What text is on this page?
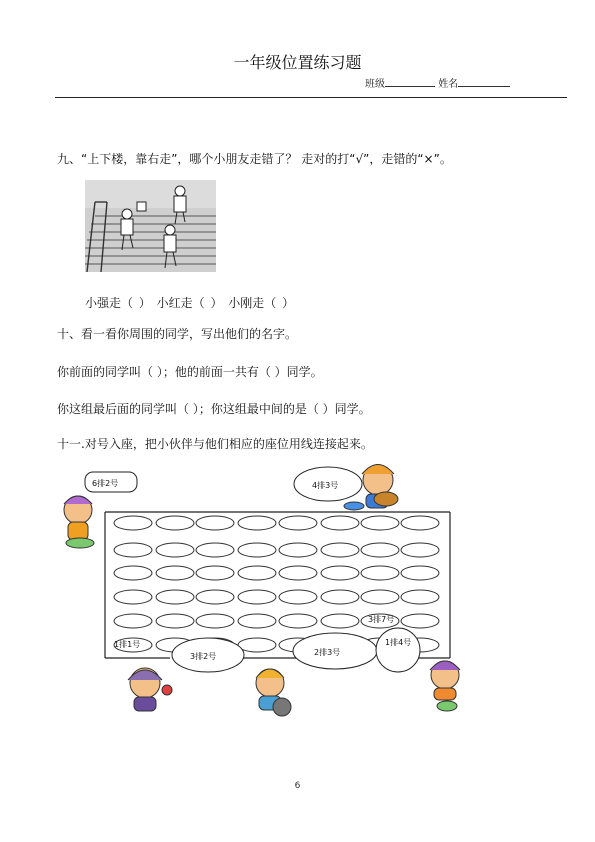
一年级位置练习题
班级	姓名
九、“上下楼，靠右走”，哪个小朋友走错了？ 走对的打“√”，走错的“×”。
小强走（ ） 小红走（ ） 小刚走（ ）
十、看一看你周围的同学，写出他们的名字。
你前面的同学叫（ ）；他的前面一共有（ ）同学。
你这组最后面的同学叫（ ）；你这组最中间的是（ ）同学。
十一.对号入座，把小伙伴与他们相应的座位用线连接起来。
6排2号	4排3号
3排7号
3排2号	2排3号
1排4号
1排1号
6
